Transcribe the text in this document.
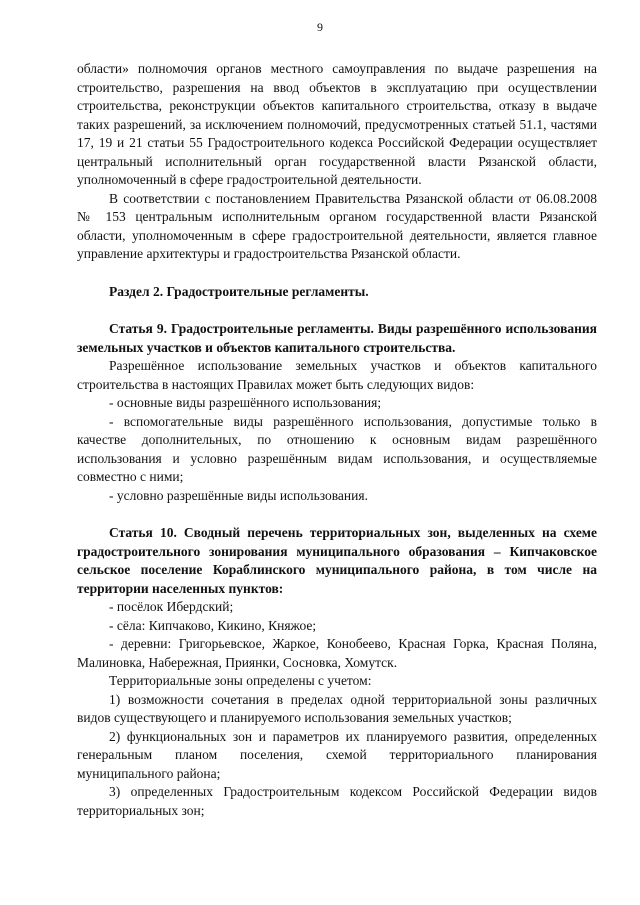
9

области» полномочия органов местного самоуправления по выдаче разрешения на строительство, разрешения на ввод объектов в эксплуатацию при осуществлении строительства, реконструкции объектов капитального строительства, отказу в выдаче таких разрешений, за исключением полномочий, предусмотренных статьей 51.1, частями 17, 19 и 21 статьи 55 Градостроительного кодекса Российской Федерации осуществляет центральный исполнительный орган государственной власти Рязанской области, уполномоченный в сфере градостроительной деятельности.

В соответствии с постановлением Правительства Рязанской области от 06.08.2008 № 153 центральным исполнительным органом государственной власти Рязанской области, уполномоченным в сфере градостроительной деятельности, является главное управление архитектуры и градостроительства Рязанской области.

Раздел 2. Градостроительные регламенты.

Статья 9. Градостроительные регламенты. Виды разрешённого использования земельных участков и объектов капитального строительства.

Разрешённое использование земельных участков и объектов капитального строительства в настоящих Правилах может быть следующих видов:

- основные виды разрешённого использования;

- вспомогательные виды разрешённого использования, допустимые только в качестве дополнительных, по отношению к основным видам разрешённого использования и условно разрешённым видам использования, и осуществляемые совместно с ними;

- условно разрешённые виды использования.

Статья 10. Сводный перечень территориальных зон, выделенных на схеме градостроительного зонирования муниципального образования – Кипчаковское сельское поселение Кораблинского муниципального района, в том числе на территории населенных пунктов:

- посёлок Ибердский;

- сёла: Кипчаково, Кикино, Княжое;

- деревни: Григорьевское, Жаркое, Конобеево, Красная Горка, Красная Поляна, Малиновка, Набережная, Приянки, Сосновка, Хомутск.

Территориальные зоны определены с учетом:

1) возможности сочетания в пределах одной территориальной зоны различных видов существующего и планируемого использования земельных участков;

2) функциональных зон и параметров их планируемого развития, определенных генеральным планом поселения, схемой территориального планирования муниципального района;

3) определенных Градостроительным кодексом Российской Федерации видов территориальных зон;
